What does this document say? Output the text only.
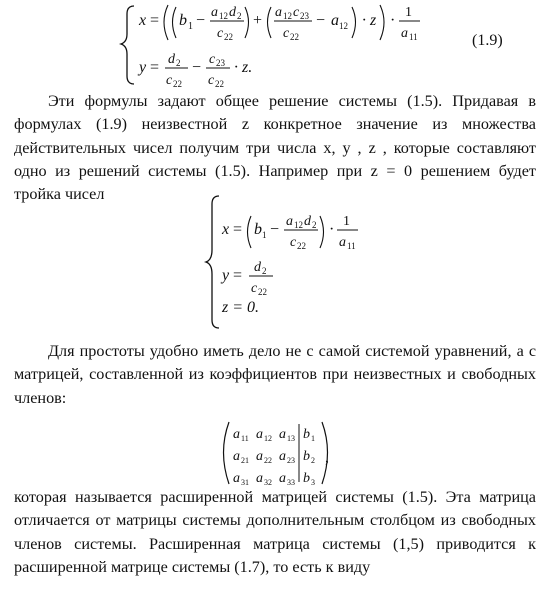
x = b 1 − a 12 d 2
c 22
+ a 12 c 23
c 22
− a 12 · z · 1
a 11
y = d 2
c 22
− c 23
c 22
· z.
(1.9)

Эти формулы задают общее решение системы (1.5). Придавая в формулах (1.9) неизвестной z конкретное значение из множества действительных чисел получим три числа x, y , z , которые составляют одно из решений системы (1.5). Например при z = 0 решением будет тройка чисел

x = b 1 − a 12 d 2
c 22
· 1
a 11
y = d 2
c 22
z = 0.

Для простоты удобно иметь дело не с самой системой уравнений, а с матрицей, составленной из коэффициентов при неизвестных и свободных членов:

a 11 a 12 a 13 b 1
a 21 a 22 a 23 b 2
a 31 a 32 a 33 b 3
,

которая называется расширенной матрицей системы (1.5). Эта матрица отличается от матрицы системы дополнительным столбцом из свободных членов системы. Расширенная матрица системы (1,5) приводится к расширенной матрице системы (1.7), то есть к виду
